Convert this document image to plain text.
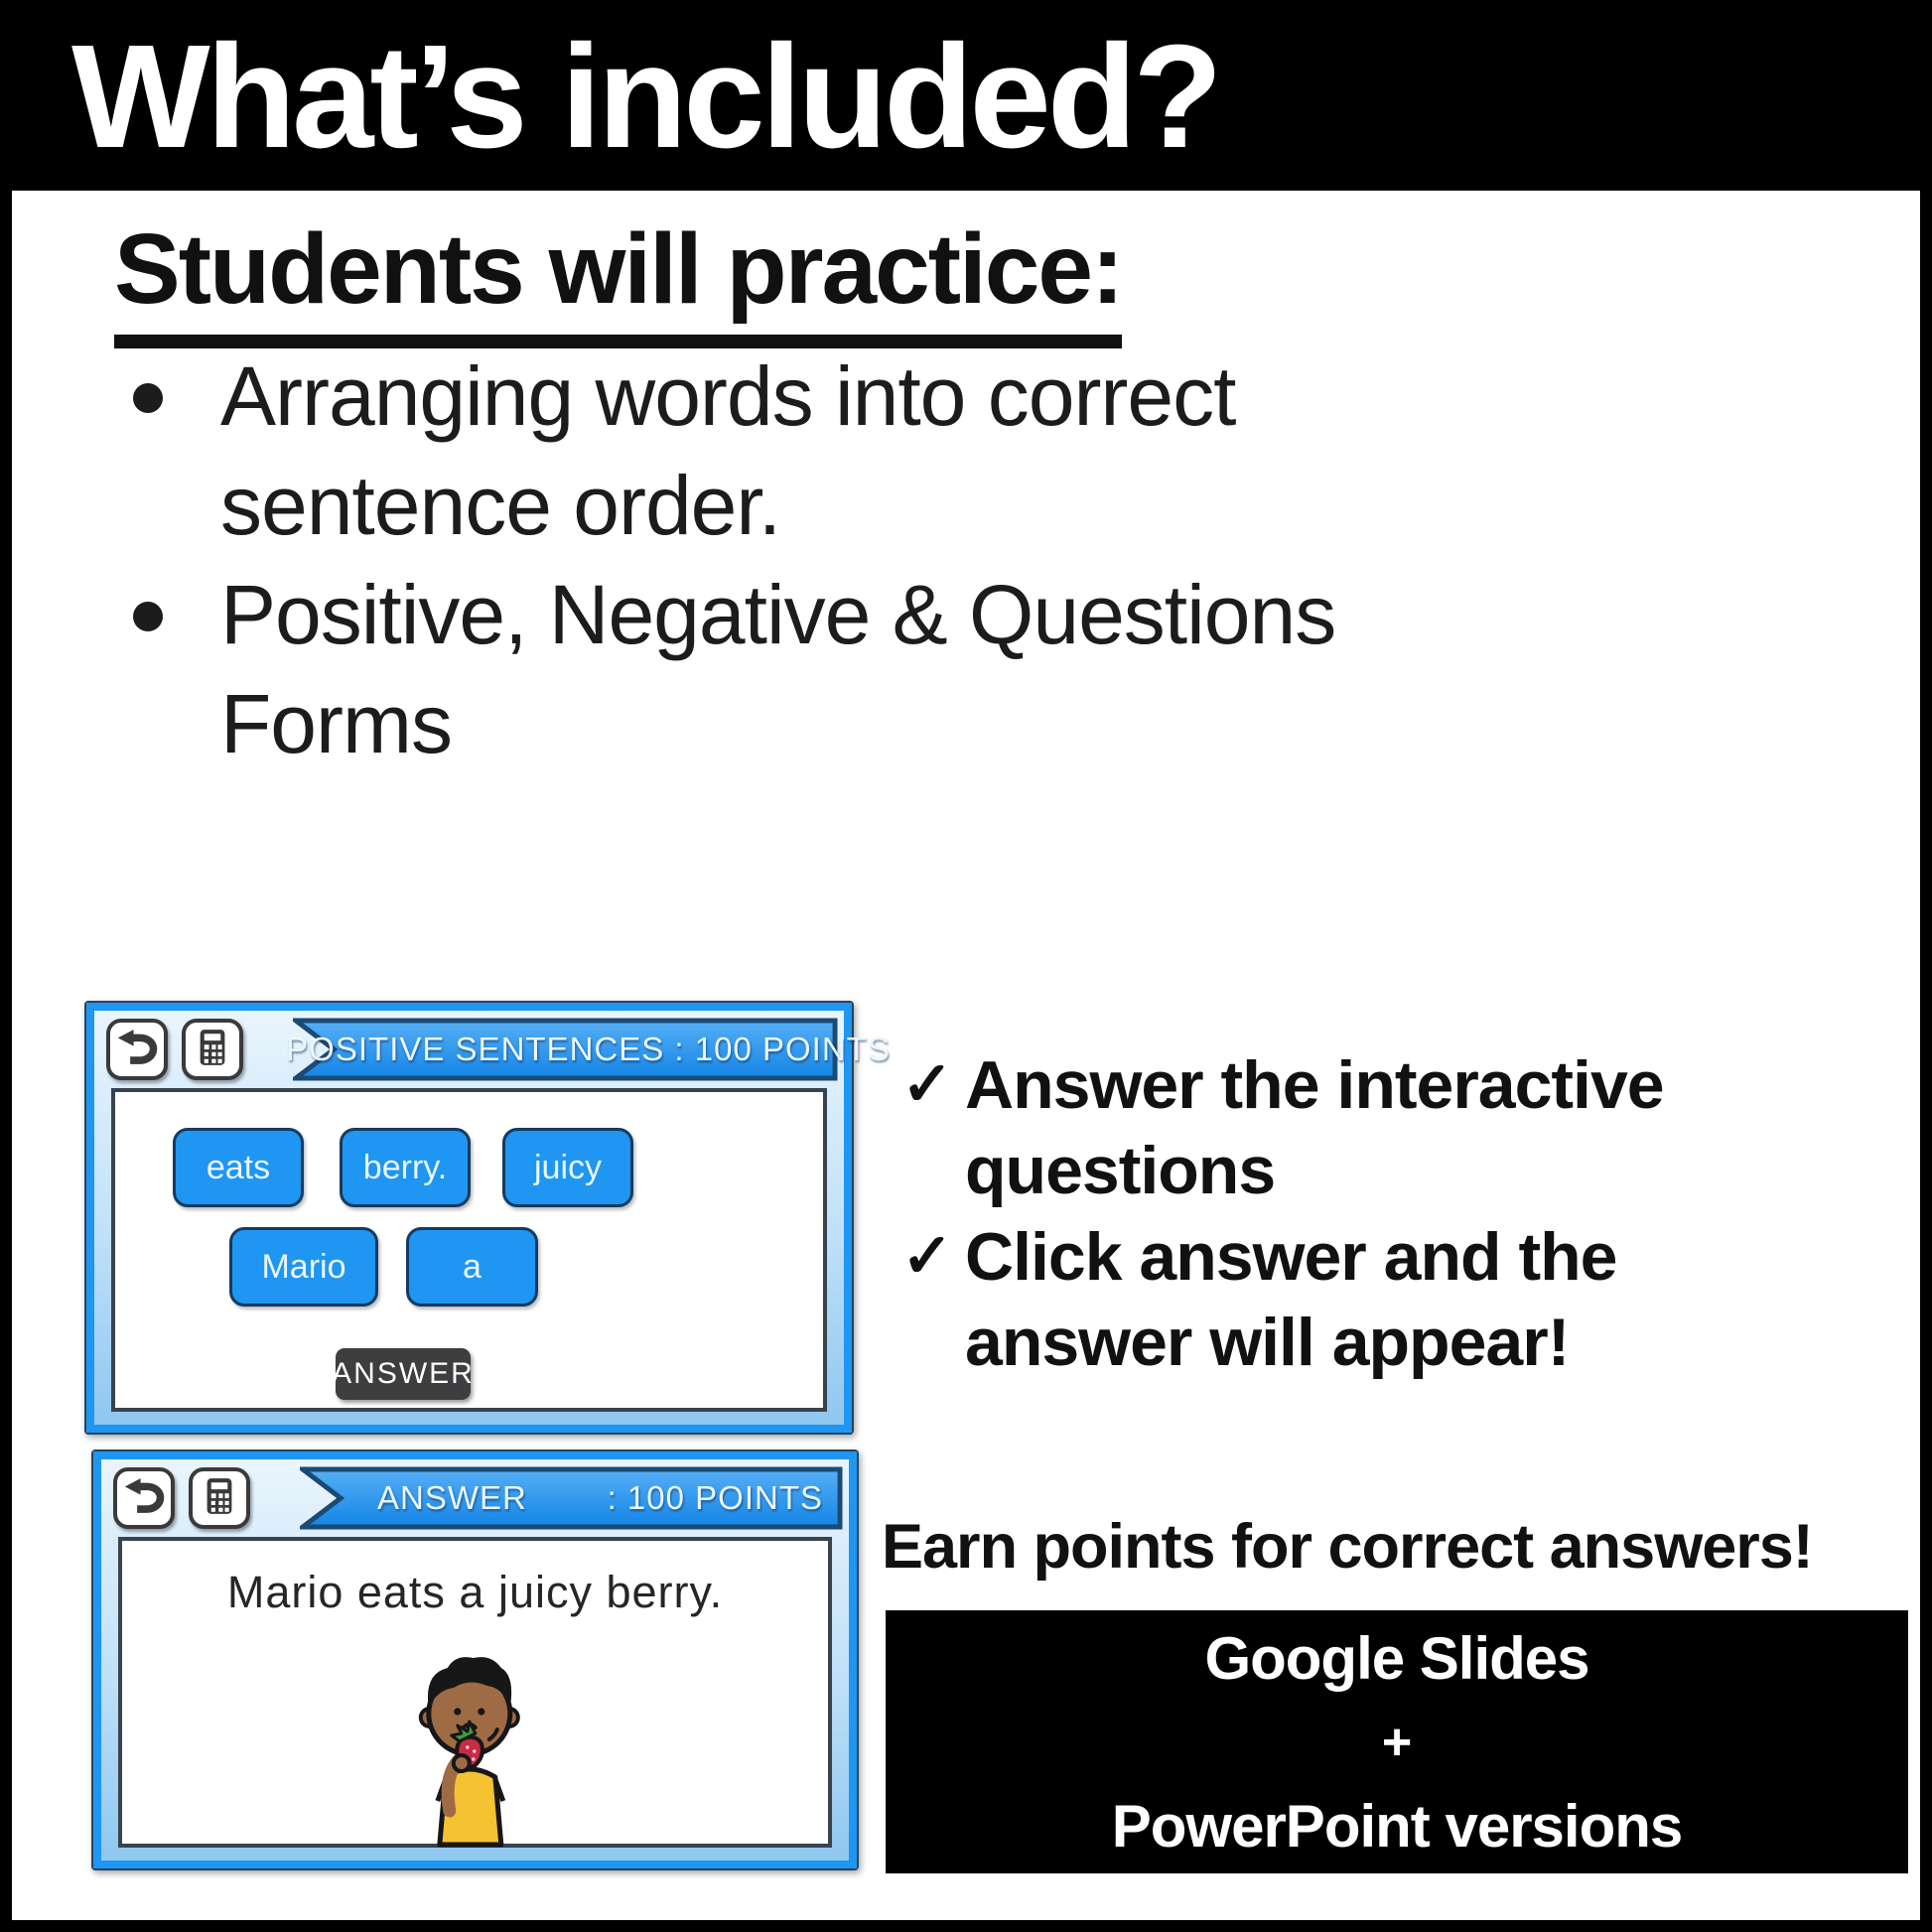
What’s included?
Students will practice:
Arranging words into correct sentence order.
Positive, Negative & Questions Forms
POSITIVE SENTENCES : 100 POINTS
eats	berry.	juicy
Mario	a
ANSWER
ANSWER : 100 POINTS
Mario eats a juicy berry.
✓ Answer the interactive questions
✓ Click answer and the answer will appear!
Earn points for correct answers!
Google Slides
+
PowerPoint versions
